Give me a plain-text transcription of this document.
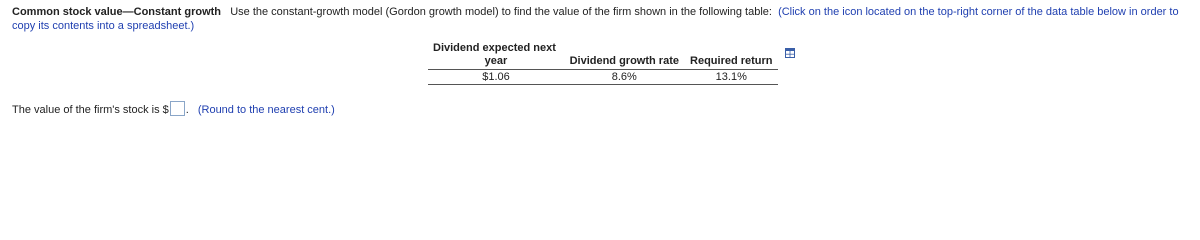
Common stock value—Constant growth Use the constant-growth model (Gordon growth model) to find the value of the firm shown in the following table: (Click on the icon located on the top-right corner of the data table below in order to copy its contents into a spreadsheet.)
Dividend expected next
year	Dividend growth rate	Required return
$1.06	8.6%	13.1%
The value of the firm's stock is $ . (Round to the nearest cent.)
